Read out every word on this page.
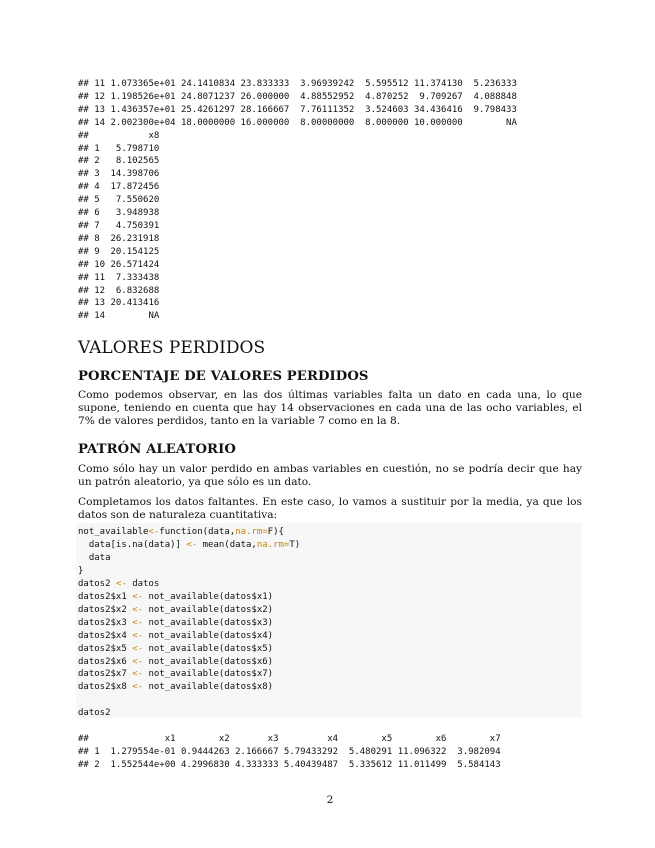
## 11 1.073365e+01 24.1410834 23.833333  3.96939242  5.595512 11.374130  5.236333
## 12 1.198526e+01 24.8071237 26.000000  4.88552952  4.870252  9.709267  4.088848
## 13 1.436357e+01 25.4261297 28.166667  7.76111352  3.524603 34.436416  9.798433
## 14 2.002300e+04 18.0000000 16.000000  8.00000000  8.000000 10.000000        NA
##           x8
## 1   5.798710
## 2   8.102565
## 3  14.398706
## 4  17.872456
## 5   7.550620
## 6   3.948938
## 7   4.750391
## 8  26.231918
## 9  20.154125
## 10 26.571424
## 11  7.333438
## 12  6.832688
## 13 20.413416
## 14        NA
VALORES PERDIDOS
PORCENTAJE DE VALORES PERDIDOS

Como podemos observar, en las dos últimas variables falta un dato en cada una, lo que supone, teniendo en cuenta que hay 14 observaciones en cada una de las ocho variables, el 7% de valores perdidos, tanto en la variable 7 como en la 8.

PATRÓN ALEATORIO

Como sólo hay un valor perdido en ambas variables en cuestión, no se podría decir que hay un patrón aleatorio, ya que sólo es un dato.

Completamos los datos faltantes. En este caso, lo vamos a sustituir por la media, ya que los datos son de naturaleza cuantitativa:

not_available<-function(data,na.rm=F){
data[is.na(data)] <- mean(data,na.rm=T)
data
}
datos2 <- datos
datos2$x1 <- not_available(datos$x1)
datos2$x2 <- not_available(datos$x2)
datos2$x3 <- not_available(datos$x3)
datos2$x4 <- not_available(datos$x4)
datos2$x5 <- not_available(datos$x5)
datos2$x6 <- not_available(datos$x6)
datos2$x7 <- not_available(datos$x7)
datos2$x8 <- not_available(datos$x8)

datos2
##              x1        x2       x3         x4        x5        x6        x7
## 1  1.279554e-01 0.9444263 2.166667 5.79433292  5.480291 11.096322  3.982094
## 2  1.552544e+00 4.2996830 4.333333 5.40439487  5.335612 11.011499  5.584143
2
